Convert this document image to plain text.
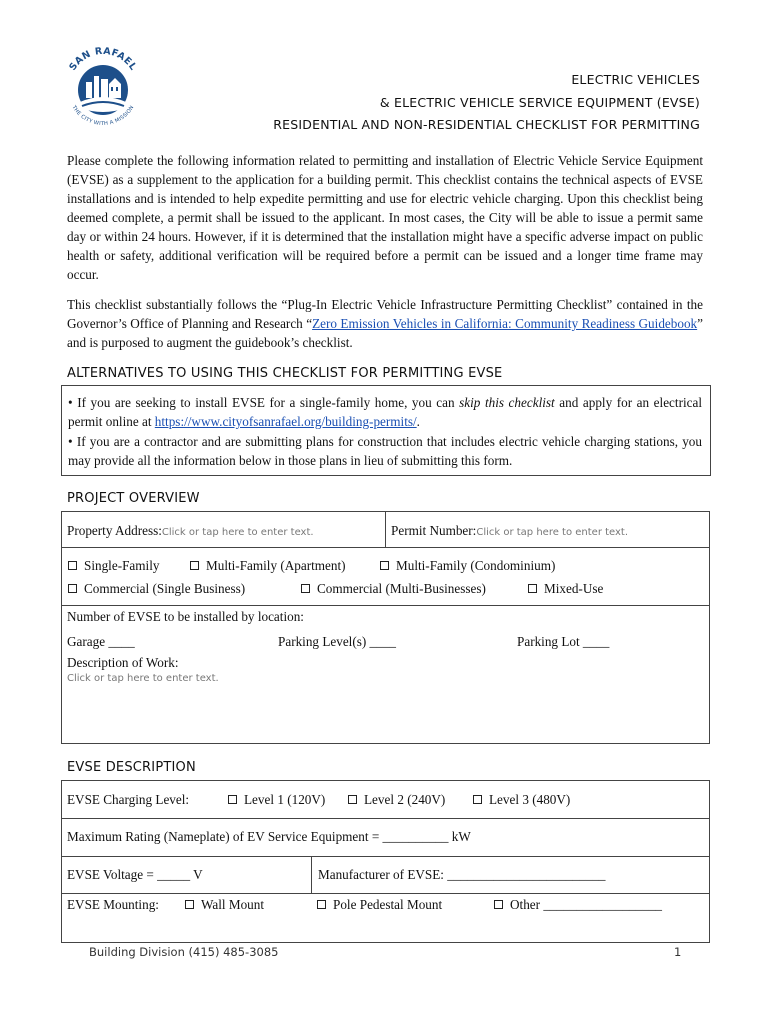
SAN RAFAEL
THE CITY WITH A MISSION
ELECTRIC VEHICLES
& ELECTRIC VEHICLE SERVICE EQUIPMENT (EVSE)
RESIDENTIAL AND NON-RESIDENTIAL CHECKLIST FOR PERMITTING
Please complete the following information related to permitting and installation of Electric Vehicle Service Equipment (EVSE) as a supplement to the application for a building permit. This checklist contains the technical aspects of EVSE installations and is intended to help expedite permitting and use for electric vehicle charging. Upon this checklist being deemed complete, a permit shall be issued to the applicant. In most cases, the City will be able to issue a permit same day or within 24 hours. However, if it is determined that the installation might have a specific adverse impact on public health or safety, additional verification will be required before a permit can be issued and a longer time frame may occur.
This checklist substantially follows the “Plug-In Electric Vehicle Infrastructure Permitting Checklist” contained in the Governor’s Office of Planning and Research “Zero Emission Vehicles in California: Community Readiness Guidebook” and is purposed to augment the guidebook’s checklist.
ALTERNATIVES TO USING THIS CHECKLIST FOR PERMITTING EVSE
• If you are seeking to install EVSE for a single-family home, you can skip this checklist and apply for an electrical permit online at https://www.cityofsanrafael.org/building-permits/.
• If you are a contractor and are submitting plans for construction that includes electric vehicle charging stations, you may provide all the information below in those plans in lieu of submitting this form.
PROJECT OVERVIEW
Property Address:Click or tap here to enter text.	Permit Number:Click or tap here to enter text.
Single-Family	Multi-Family (Apartment)	Multi-Family (Condominium)
Commercial (Single Business)	Commercial (Multi-Businesses)	Mixed-Use
Number of EVSE to be installed by location:
Garage ____	Parking Level(s) ____	Parking Lot ____
Description of Work:
Click or tap here to enter text.
EVSE DESCRIPTION
EVSE Charging Level:	Level 1 (120V)	Level 2 (240V)	Level 3 (480V)
Maximum Rating (Nameplate) of EV Service Equipment = __________ kW
EVSE Voltage = _____ V	Manufacturer of EVSE: ________________________
EVSE Mounting:	Wall Mount	Pole Pedestal Mount	Other __________________
Building Division (415) 485-3085	1
